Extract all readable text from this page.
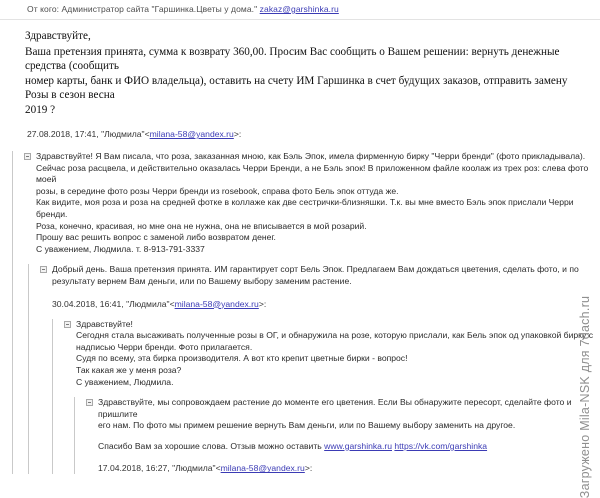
От кого: Администратор сайта "Гаршинка.Цветы у дома." zakaz@garshinka.ru

Здравствуйте,

Ваша претензия принята, сумма к возврату 360,00. Просим Вас сообщить о Вашем решении: вернуть денежные средства (сообщить

номер карты, банк и ФИО владельца), оставить на счету ИМ Гаршинка в счет будущих заказов, отправить замену Розы в сезон весна

2019 ?

27.08.2018, 17:41, "Людмила"<milana-58@yandex.ru>:

Здравствуйте! Я Вам писала, что роза, заказанная мною, как Бэль Эпок, имела фирменную бирку "Черри бренди" (фото прикладывала).

Сейчас роза расцвела, и действительно оказалась Черри Бренди, а не Бэль эпок! В приложенном файле коолаж из трех роз: слева фото моей

розы, в середине фото розы Черри бренди из rosebook, справа фото Бель эпок оттуда же.

Как видите, моя роза и роза на средней фотке в коллаже как две сестрички-близняшки. Т.к. вы мне вместо Бэль эпок прислали Черри бренди.

Роза, конечно, красивая, но мне она не нужна, она не вписывается в мой розарий.

Прошу вас решить вопрос с заменой либо возвратом денег.

С уважением, Людмила. т. 8-913-791-3337

Добрый день. Ваша претензия принята. ИМ гарантирует сорт Бель Эпок. Предлагаем Вам дождаться цветения, сделать фото, и по

результату вернем Вам деньги, или по Вашему выбору заменим растение.

30.04.2018, 16:41, "Людмила"<milana-58@yandex.ru>:

Здравствуйте!

Сегодня стала высаживать полученные розы в ОГ, и обнаружила на розе, которую прислали, как Бель эпок од упаковкой бирку с

надписью Черри бренди. Фото прилагается.

Судя по всему, эта бирка производителя. А вот кто крепит цветные бирки - вопрос!

Так какая же у меня роза?

С уважением, Людмила.

Здравствуйте, мы сопровождаем растение до моменте его цветения. Если Вы обнаружите пересорт, сделайте фото и пришлите

его нам. По фото мы примем решение вернуть Вам деньги, или по Вашему выбору заменить на другое.

Спасибо Вам за хорошие слова. Отзыв можно оставить www.garshinka.ru https://vk.com/garshinka

17.04.2018, 16:27, "Людмила"<milana-58@yandex.ru>:	Загружено Mila-NSK для 7dach.ru
